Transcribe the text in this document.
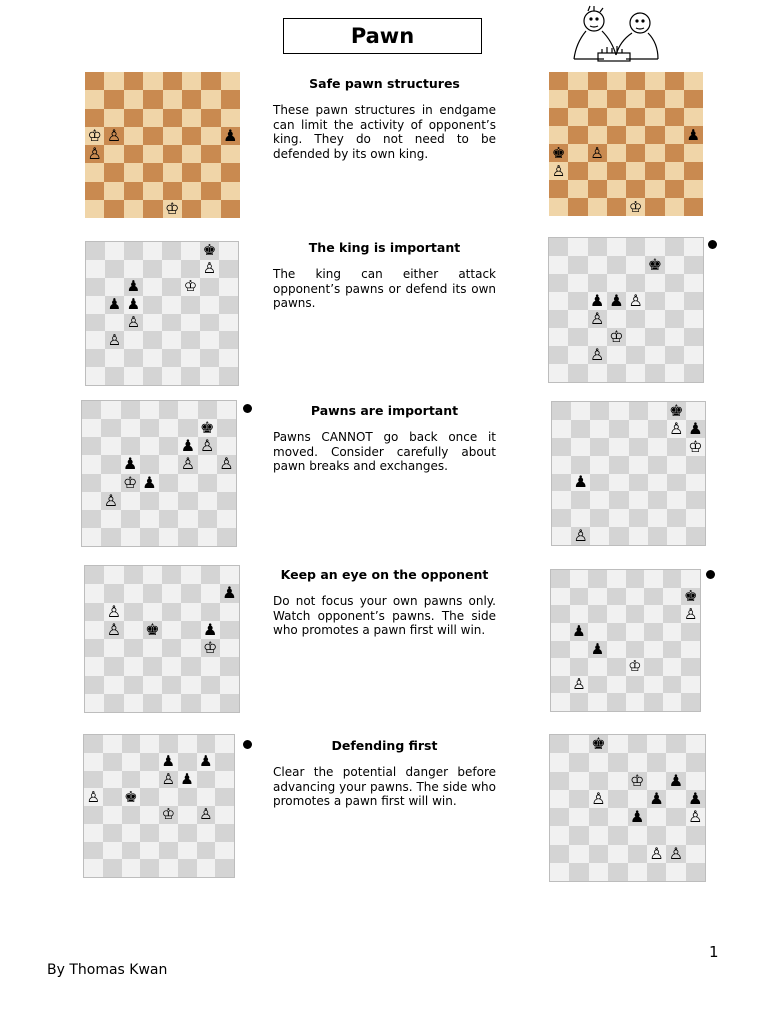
Pawn
♔ ♙	♟
♙
♔
♟
♚ ♙
♙
♔
♚
♙
♟	♔
♟ ♟
♙
♙
♚
♟ ♟ ♙
♙
♔
♙
♚
♟ ♙
♟	♙ ♙
♔ ♟
♙
♚
♙ ♟
♔
♟
♙
♟
♙
♙ ♚	♟
♔
♚
♙
♟
♟
♔
♙
♟ ♟
♙ ♟
♙ ♚
♔ ♙
♚
♔ ♟
♙	♟ ♟
♟	♙
♙ ♙

Safe pawn structures

These pawn structures in endgame can limit the activity of opponent’s king. They do not need to be defended by its own king.

The king is important

The king can either attack opponent’s pawns or defend its own pawns.

Pawns are important

Pawns CANNOT go back once it moved. Consider carefully about pawn breaks and exchanges.

Keep an eye on the opponent

Do not focus your own pawns only. Watch opponent’s pawns. The side who promotes a pawn first will win.

Defending first

Clear the potential danger before advancing your pawns. The side who promotes a pawn first will win.

1
By Thomas Kwan
